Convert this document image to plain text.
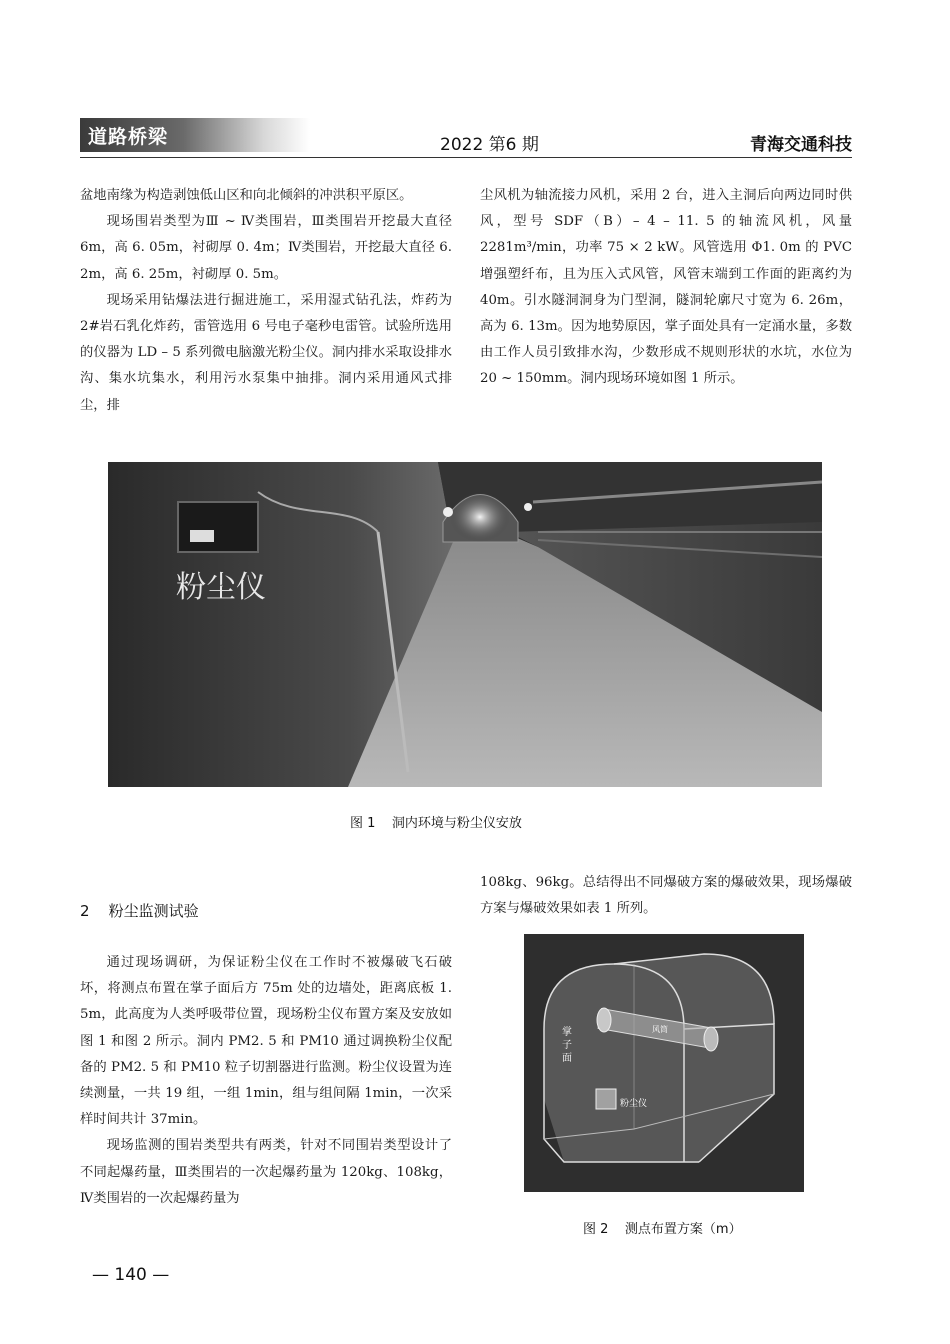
道路桥梁	2022 第6 期	青海交通科技

盆地南缘为构造剥蚀低山区和向北倾斜的冲洪积平原区。

现场围岩类型为Ⅲ ~ Ⅳ类围岩，Ⅲ类围岩开挖最大直径 6m，高 6. 05m，衬砌厚 0. 4m；Ⅳ类围岩，开挖最大直径 6. 2m，高 6. 25m，衬砌厚 0. 5m。

现场采用钻爆法进行掘进施工，采用湿式钻孔法，炸药为 2#岩石乳化炸药，雷管选用 6 号电子毫秒电雷管。试验所选用的仪器为 LD – 5 系列微电脑激光粉尘仪。洞内排水采取设排水沟、集水坑集水，利用污水泵集中抽排。洞内采用通风式排尘，排

尘风机为轴流接力风机，采用 2 台，进入主洞后向两边同时供风，型号 SDF（B）– 4 – 11. 5 的轴流风机，风量 2281m³/min，功率 75 × 2 kW。风管选用 Φ1. 0m 的 PVC 增强塑纤布，且为压入式风管，风管末端到工作面的距离约为 40m。引水隧洞洞身为门型洞，隧洞轮廓尺寸宽为 6. 26m，高为 6. 13m。因为地势原因，掌子面处具有一定涌水量，多数由工作人员引致排水沟，少数形成不规则形状的水坑，水位为 20 ~ 150mm。洞内现场环境如图 1 所示。

粉尘仪
图 1    洞内环境与粉尘仪安放
2    粉尘监测试验

通过现场调研，为保证粉尘仪在工作时不被爆破飞石破坏，将测点布置在掌子面后方 75m 处的边墙处，距离底板 1. 5m，此高度为人类呼吸带位置，现场粉尘仪布置方案及安放如图 1 和图 2 所示。洞内 PM2. 5 和 PM10 通过调换粉尘仪配备的 PM2. 5 和 PM10 粒子切割器进行监测。粉尘仪设置为连续测量，一共 19 组，一组 1min，组与组间隔 1min，一次采样时间共计 37min。

现场监测的围岩类型共有两类，针对不同围岩类型设计了不同起爆药量，Ⅲ类围岩的一次起爆药量为 120kg、108kg，Ⅳ类围岩的一次起爆药量为

108kg、96kg。总结得出不同爆破方案的爆破效果，现场爆破方案与爆破效果如表 1 所列。

掌子面
风筒
粉尘仪
图 2    测点布置方案（m）
— 140 —
